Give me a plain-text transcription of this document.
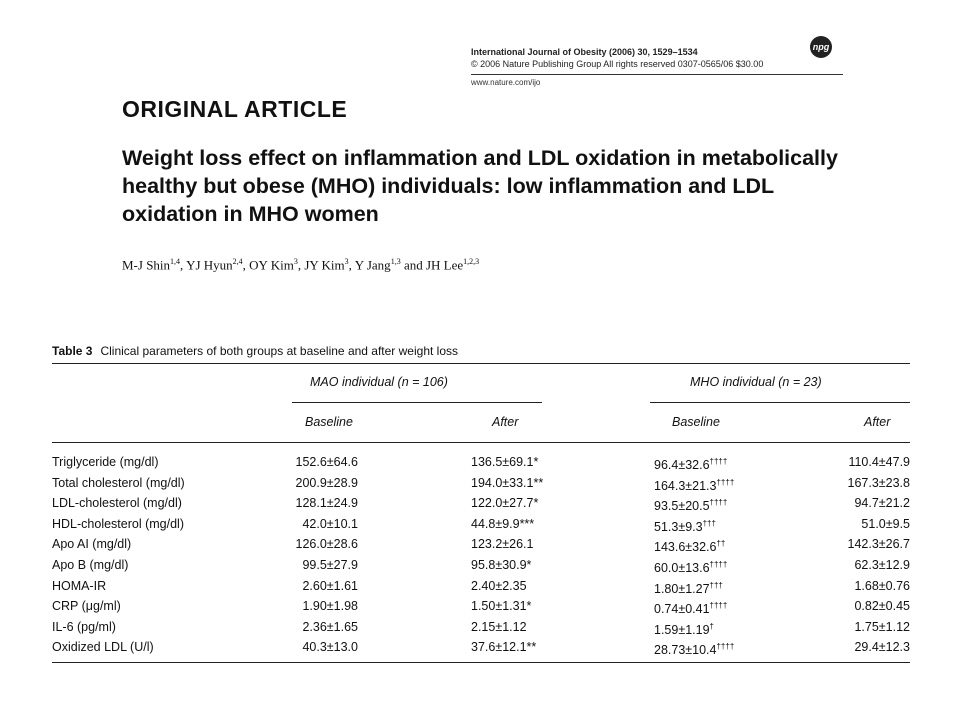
International Journal of Obesity (2006) 30, 1529–1534
© 2006 Nature Publishing Group All rights reserved 0307-0565/06 $30.00
npg
www.nature.com/ijo
ORIGINAL ARTICLE
Weight loss effect on inflammation and LDL oxidation in metabolically healthy but obese (MHO) individuals: low inflammation and LDL oxidation in MHO women
M-J Shin$^{1,4}$, YJ Hyun$^{2,4}$, OY Kim$^3$, JY Kim$^3$, Y Jang$^{1,3}$ and JH Lee$^{1,2,3}$
Table 3 Clinical parameters of both groups at baseline and after weight loss
MAO individual (n = 106)	MHO individual (n = 23)
Baseline	After	Baseline	After
Triglyceride (mg/dl)	152.6±64.6	136.5±69.1*	96.4±32.6††††	110.4±47.9
Total cholesterol (mg/dl)	200.9±28.9	194.0±33.1**	164.3±21.3††††	167.3±23.8
LDL-cholesterol (mg/dl)	128.1±24.9	122.0±27.7*	93.5±20.5††††	94.7±21.2
HDL-cholesterol (mg/dl)	42.0±10.1	44.8±9.9***	51.3±9.3†††	51.0±9.5
Apo AI (mg/dl)	126.0±28.6	123.2±26.1	143.6±32.6††	142.3±26.7
Apo B (mg/dl)	99.5±27.9	95.8±30.9*	60.0±13.6††††	62.3±12.9
HOMA-IR	2.60±1.61	2.40±2.35	1.80±1.27†††	1.68±0.76
CRP (μg/ml)	1.90±1.98	1.50±1.31*	0.74±0.41††††	0.82±0.45
IL-6 (pg/ml)	2.36±1.65	2.15±1.12	1.59±1.19†	1.75±1.12
Oxidized LDL (U/l)	40.3±13.0	37.6±12.1**	28.73±10.4††††	29.4±12.3
